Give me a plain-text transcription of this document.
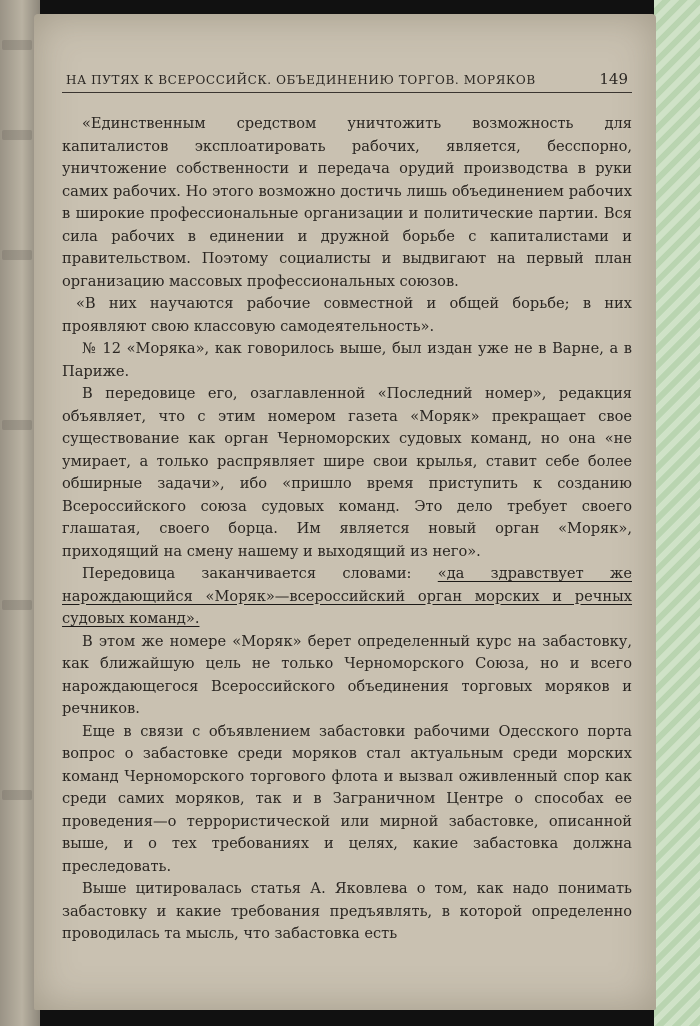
НА ПУТЯХ К ВСЕРОССИЙСК. ОБЪЕДИНЕНИЮ ТОРГОВ. МОРЯКОВ	149

«Единственным средством уничтожить возможность для капиталистов эксплоатировать рабочих, является, бесспорно, уничтожение собственности и передача орудий производства в руки самих рабочих. Но этого возможно достичь лишь объединением рабочих в широкие профессиональные организации и политические партии. Вся сила рабочих в единении и дружной борьбе с капиталистами и правительством. Поэтому социалисты и выдвигают на первый план организацию массовых профессиональных союзов.

«В них научаются рабочие совместной и общей борьбе; в них проявляют свою классовую самодеятельность».

№ 12 «Моряка», как говорилось выше, был издан уже не в Варне, а в Париже.

В передовице его, озаглавленной «Последний номер», редакция объявляет, что с этим номером газета «Моряк» прекращает свое существование как орган Черноморских судовых команд, но она «не умирает, а только распрявляет шире свои крылья, ставит себе более обширные задачи», ибо «пришло время приступить к созданию Всероссийского союза судовых команд. Это дело требует своего глашатая, своего борца. Им является новый орган «Моряк», приходящий на смену нашему и выходящий из него».

Передовица заканчивается словами: «да здравствует же нарождающийся «Моряк»—всероссийский орган морских и речных судовых команд».

В этом же номере «Моряк» берет определенный курс на забастовку, как ближайшую цель не только Черноморского Союза, но и всего нарождающегося Всероссийского объединения торговых моряков и речников.

Еще в связи с объявлением забастовки рабочими Одесского порта вопрос о забастовке среди моряков стал актуальным среди морских команд Черноморского торгового флота и вызвал оживленный спор как среди самих моряков, так и в Заграничном Центре о способах ее проведения—о террористической или мирной забастовке, описанной выше, и о тех требованиях и целях, какие забастовка должна преследовать.

Выше цитировалась статья А. Яковлева о том, как надо понимать забастовку и какие требования предъявлять, в которой определенно проводилась та мысль, что забастовка есть
